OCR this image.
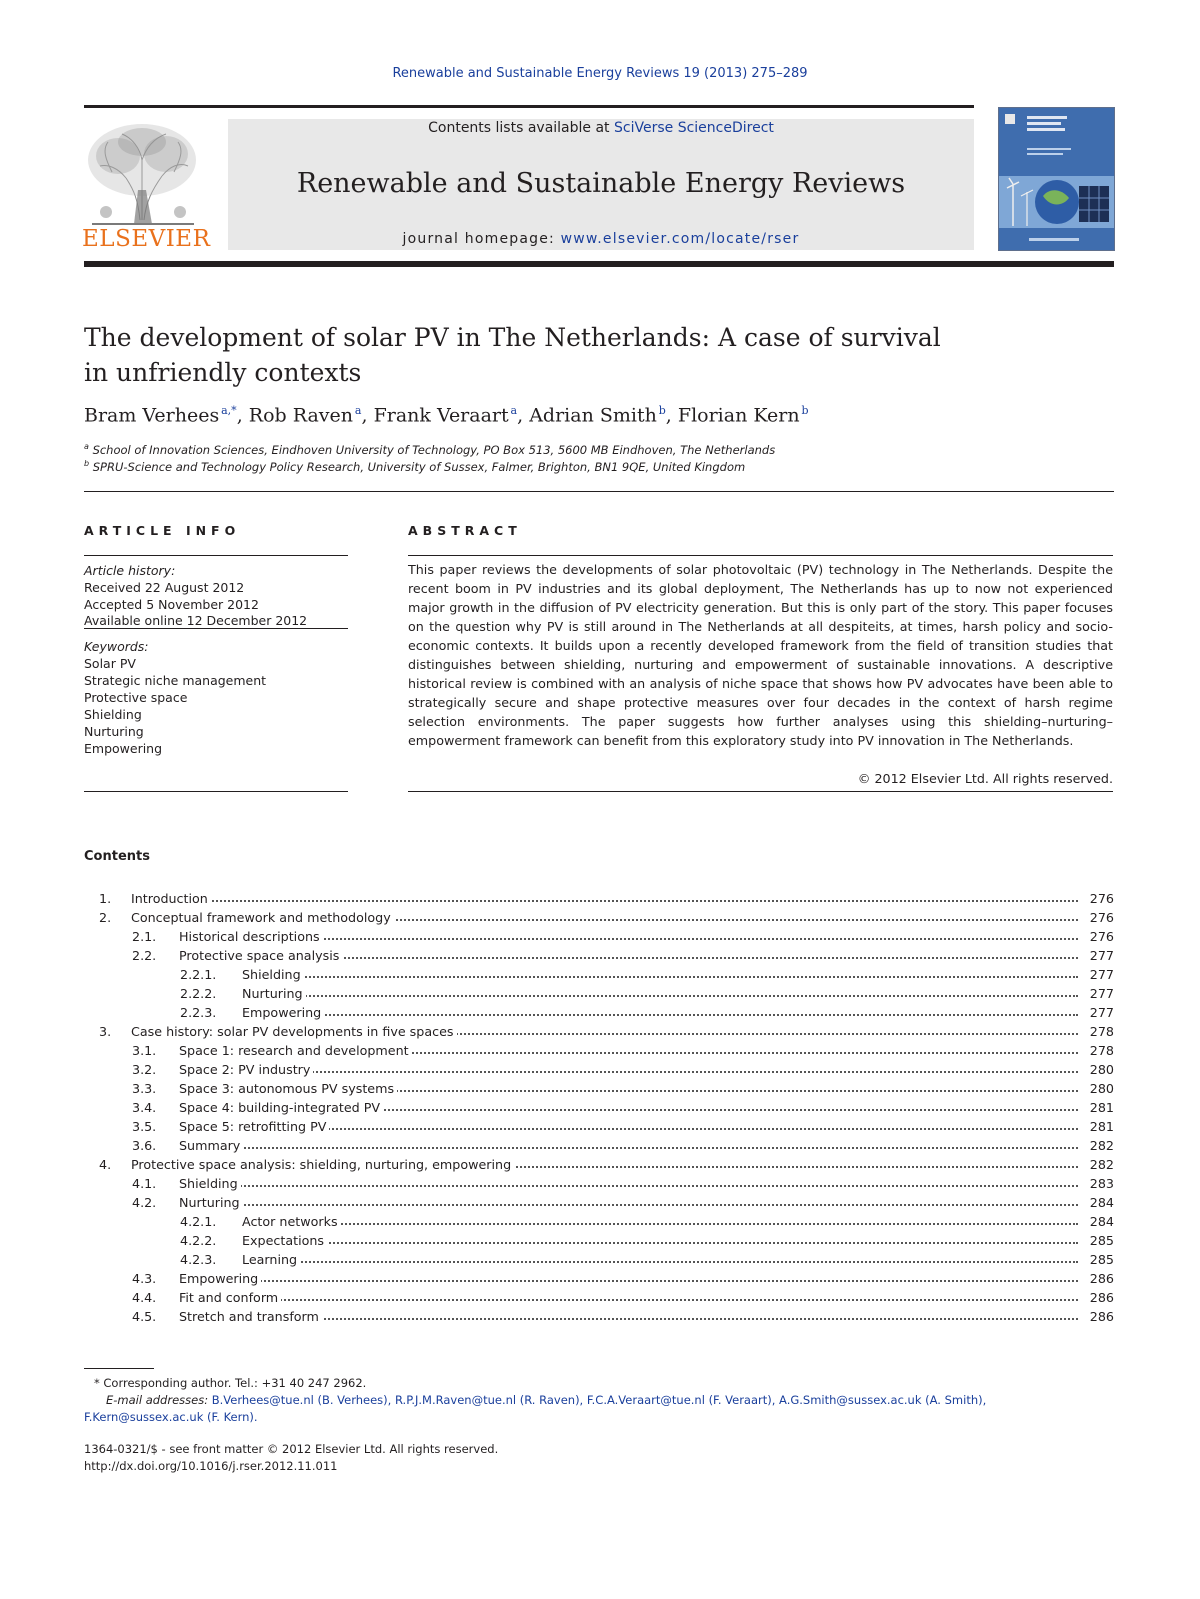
Renewable and Sustainable Energy Reviews 19 (2013) 275–289
ELSEVIER
Contents lists available at SciVerse ScienceDirect
Renewable and Sustainable Energy Reviews
journal homepage: www.elsevier.com/locate/rser
The development of solar PV in The Netherlands: A case of survival
in unfriendly contexts
Bram Verhees  $^{a,*}$, Rob Raven  $^a$, Frank Veraart  $^a$, Adrian Smith  $^b$, Florian Kern  $^b$
$^a$ School of Innovation Sciences, Eindhoven University of Technology, PO Box 513, 5600 MB Eindhoven, The Netherlands
$^b$ SPRU-Science and Technology Policy Research, University of Sussex, Falmer, Brighton, BN1 9QE, United Kingdom
ARTICLE INFO
Article history:
Received 22 August 2012
Accepted 5 November 2012
Available online 12 December 2012
Keywords:
Solar PV
Strategic niche management
Protective space
Shielding
Nurturing
Empowering
ABSTRACT
This paper reviews the developments of solar photovoltaic (PV) technology in The Netherlands. Despite the recent boom in PV industries and its global deployment, The Netherlands has up to now not experienced major growth in the diffusion of PV electricity generation. But this is only part of the story. This paper focuses on the question why PV is still around in The Netherlands at all despiteits, at times, harsh policy and socio-economic contexts. It builds upon a recently developed framework from the field of transition studies that distinguishes between shielding, nurturing and empowerment of sustainable innovations. A descriptive historical review is combined with an analysis of niche space that shows how PV advocates have been able to strategically secure and shape protective measures over four decades in the context of harsh regime selection environments. The paper suggests how further analyses using this shielding–nurturing–empowerment framework can benefit from this exploratory study into PV innovation in The Netherlands.
© 2012 Elsevier Ltd. All rights reserved.
Contents
1. Introduction	276
2. Conceptual framework and methodology	276
2.1. Historical descriptions	276
2.2. Protective space analysis	277
2.2.1. Shielding	277
2.2.2. Nurturing	277
2.2.3. Empowering	277
3. Case history: solar PV developments in five spaces	278
3.1. Space 1: research and development	278
3.2. Space 2: PV industry	280
3.3. Space 3: autonomous PV systems	280
3.4. Space 4: building-integrated PV	281
3.5. Space 5: retrofitting PV	281
3.6. Summary	282
4. Protective space analysis: shielding, nurturing, empowering	282
4.1. Shielding	283
4.2. Nurturing	284
4.2.1. Actor networks	284
4.2.2. Expectations	285
4.2.3. Learning	285
4.3. Empowering	286
4.4. Fit and conform	286
4.5. Stretch and transform	286
* Corresponding author. Tel.: +31 40 247 2962.
E-mail addresses: B.Verhees@tue.nl (B. Verhees), R.P.J.M.Raven@tue.nl (R. Raven), F.C.A.Veraart@tue.nl (F. Veraart), A.G.Smith@sussex.ac.uk (A. Smith),
F.Kern@sussex.ac.uk (F. Kern).
1364-0321/$ - see front matter © 2012 Elsevier Ltd. All rights reserved.
http://dx.doi.org/10.1016/j.rser.2012.11.011
